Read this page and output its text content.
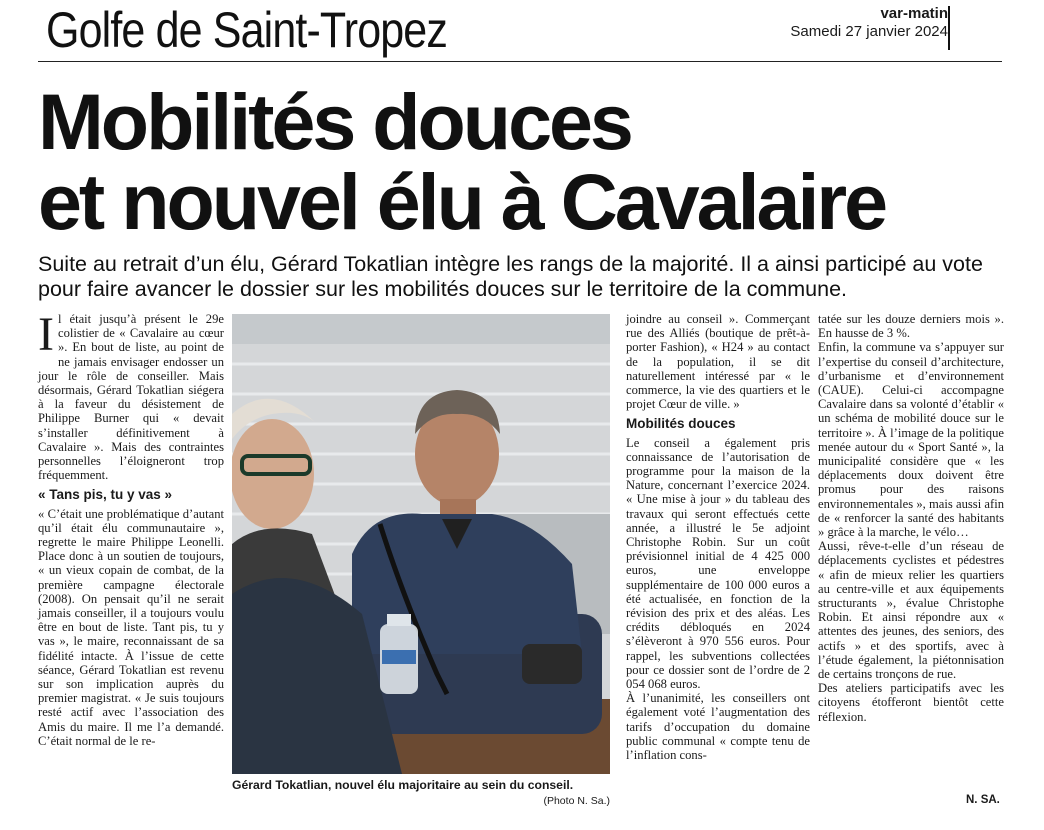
Golfe de Saint-Tropez	var-matin
Samedi 27 janvier 2024
Mobilités douces
et nouvel élu à Cavalaire
Suite au retrait d’un élu, Gérard Tokatlian intègre les rangs de la majorité. Il a ainsi participé au vote pour faire avancer le dossier sur les mobilités douces sur le territoire de la commune.
I l était jusqu’à présent le 29e colistier de « Cavalaire au cœur ». En bout de liste, au point de ne jamais envisager endosser un jour le rôle de conseiller. Mais désormais, Gérard Tokatlian siégera à la faveur du désistement de Philippe Burner qui « devait s’installer définitivement à Cavalaire ». Mais des contraintes personnelles l’éloigneront trop fréquemment.

« Tans pis, tu y vas »

« C’était une problématique d’autant qu’il était élu communautaire », regrette le maire Philippe Leonelli. Place donc à un soutien de toujours, « un vieux copain de combat, de la première campagne électorale (2008). On pensait qu’il ne serait jamais conseiller, il a toujours voulu être en bout de liste. Tant pis, tu y vas », le maire, reconnaissant de sa fidélité intacte. À l’issue de cette séance, Gérard Tokatlian est revenu sur son implication auprès du premier magistrat. « Je suis toujours resté actif avec l’association des Amis du maire. Il me l’a demandé. C’était normal de le re-

Gérard Tokatlian, nouvel élu majoritaire au sein du conseil.
(Photo N. Sa.)

joindre au conseil ». Commerçant rue des Alliés (boutique de prêt-à-porter Fashion), « H24 » au contact de la population, il se dit naturellement intéressé par « le commerce, la vie des quartiers et le projet Cœur de ville. »

Mobilités douces

Le conseil a également pris connaissance de l’autorisation de programme pour la maison de la Nature, concernant l’exercice 2024. « Une mise à jour » du tableau des travaux qui seront effectués cette année, a illustré le 5e adjoint Christophe Robin. Sur un coût prévisionnel initial de 4 425 000 euros, une enveloppe supplémentaire de 100 000 euros a été actualisée, en fonction de la révision des prix et des aléas. Les crédits débloqués en 2024 s’élèveront à 970 556 euros. Pour rappel, les subventions collectées pour ce dossier sont de l’ordre de 2 054 068 euros.

À l’unanimité, les conseillers ont également voté l’augmentation des tarifs d’occupation du domaine public communal « compte tenu de l’inflation cons-

tatée sur les douze derniers mois ». En hausse de 3 %.

Enfin, la commune va s’appuyer sur l’expertise du conseil d’architecture, d’urbanisme et d’environnement (CAUE). Celui-ci accompagne Cavalaire dans sa volonté d’établir « un schéma de mobilité douce sur le territoire ». À l’image de la politique menée autour du « Sport Santé », la municipalité considère que « les déplacements doux doivent être promus pour des raisons environnementales », mais aussi afin de « renforcer la santé des habitants » grâce à la marche, le vélo…

Aussi, rêve-t-elle d’un réseau de déplacements cyclistes et pédestres « afin de mieux relier les quartiers au centre-ville et aux équipements structurants », évalue Christophe Robin. Et ainsi répondre aux « attentes des jeunes, des seniors, des actifs » et des sportifs, avec à l’étude également, la piétonnisation de certains tronçons de rue.

Des ateliers participatifs avec les citoyens étofferont bientôt cette réflexion.

N. SA.
